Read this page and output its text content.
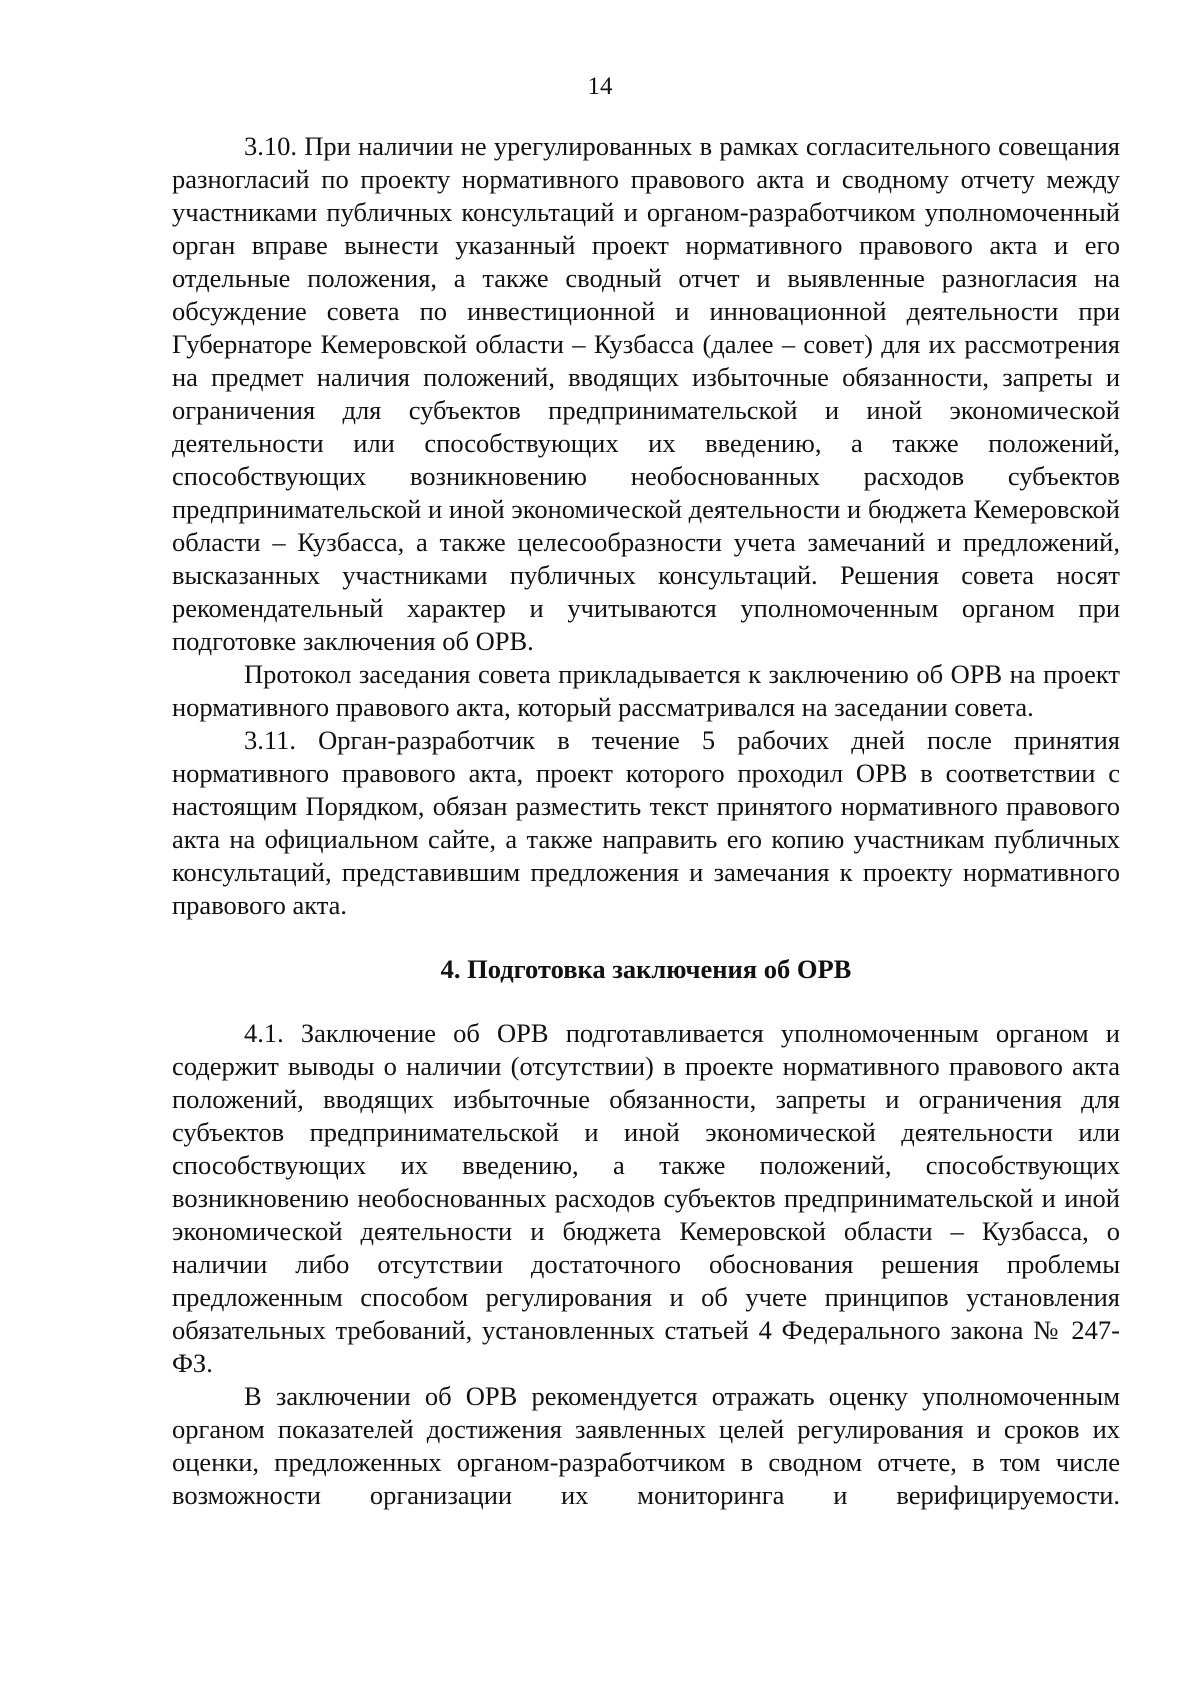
14

3.10. При наличии не урегулированных в рамках согласительного совещания разногласий по проекту нормативного правового акта и сводному отчету между участниками публичных консультаций и органом-разработчиком уполномоченный орган вправе вынести указанный проект нормативного правового акта и его отдельные положения, а также сводный отчет и выявленные разногласия на обсуждение совета по инвестиционной и инновационной деятельности при Губернаторе Кемеровской области – Кузбасса (далее – совет) для их рассмотрения на предмет наличия положений, вводящих избыточные обязанности, запреты и ограничения для субъектов предпринимательской и иной экономической деятельности или способствующих их введению, а также положений, способствующих возникновению необоснованных расходов субъектов предпринимательской и иной экономической деятельности и бюджета Кемеровской области – Кузбасса, а также целесообразности учета замечаний и предложений, высказанных участниками публичных консультаций. Решения совета носят рекомендательный характер и учитываются уполномоченным органом при подготовке заключения об ОРВ.

Протокол заседания совета прикладывается к заключению об ОРВ на проект нормативного правового акта, который рассматривался на заседании совета.

3.11. Орган-разработчик в течение 5 рабочих дней после принятия нормативного правового акта, проект которого проходил ОРВ в соответствии с настоящим Порядком, обязан разместить текст принятого нормативного правового акта на официальном сайте, а также направить его копию участникам публичных консультаций, представившим предложения и замечания к проекту нормативного правового акта.

4. Подготовка заключения об ОРВ

4.1. Заключение об ОРВ подготавливается уполномоченным органом и содержит выводы о наличии (отсутствии) в проекте нормативного правового акта положений, вводящих избыточные обязанности, запреты и ограничения для субъектов предпринимательской и иной экономической деятельности или способствующих их введению, а также положений, способствующих возникновению необоснованных расходов субъектов предпринимательской и иной экономической деятельности и бюджета Кемеровской области – Кузбасса, о наличии либо отсутствии достаточного обоснования решения проблемы предложенным способом регулирования и об учете принципов установления обязательных требований, установленных статьей 4 Федерального закона № 247-ФЗ.

В заключении об ОРВ рекомендуется отражать оценку уполномоченным органом показателей достижения заявленных целей регулирования и сроков их оценки, предложенных органом-разработчиком в сводном отчете, в том числе возможности организации их мониторинга и верифицируемости.
